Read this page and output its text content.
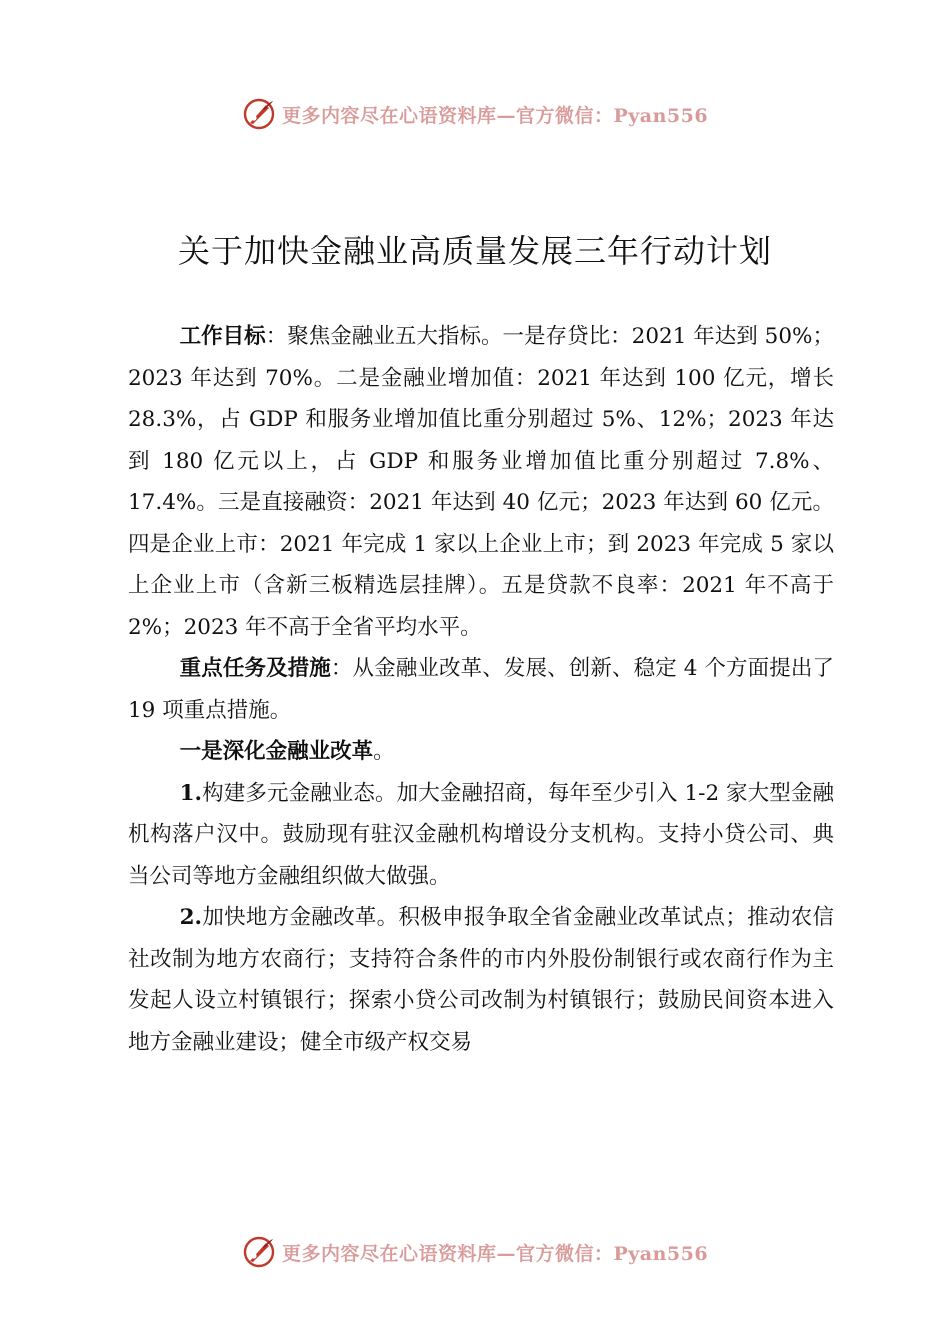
更多内容尽在心语资料库—官方微信：Pyan556
关于加快金融业高质量发展三年行动计划

工作目标：聚焦金融业五大指标。一是存贷比：2021 年达到 50%；2023 年达到 70%。二是金融业增加值：2021 年达到 100 亿元，增长 28.3%，占 GDP 和服务业增加值比重分别超过 5%、12%；2023 年达到 180 亿元以上，占 GDP 和服务业增加值比重分别超过 7.8%、17.4%。三是直接融资：2021 年达到 40 亿元；2023 年达到 60 亿元。四是企业上市：2021 年完成 1 家以上企业上市；到 2023 年完成 5 家以上企业上市（含新三板精选层挂牌）。五是贷款不良率：2021 年不高于 2%；2023 年不高于全省平均水平。

重点任务及措施：从金融业改革、发展、创新、稳定 4 个方面提出了 19 项重点措施。

一是深化金融业改革。

1.构建多元金融业态。加大金融招商，每年至少引入 1-2 家大型金融机构落户汉中。鼓励现有驻汉金融机构增设分支机构。支持小贷公司、典当公司等地方金融组织做大做强。

2.加快地方金融改革。积极申报争取全省金融业改革试点；推动农信社改制为地方农商行；支持符合条件的市内外股份制银行或农商行作为主发起人设立村镇银行；探索小贷公司改制为村镇银行；鼓励民间资本进入地方金融业建设；健全市级产权交易

更多内容尽在心语资料库—官方微信：Pyan556
